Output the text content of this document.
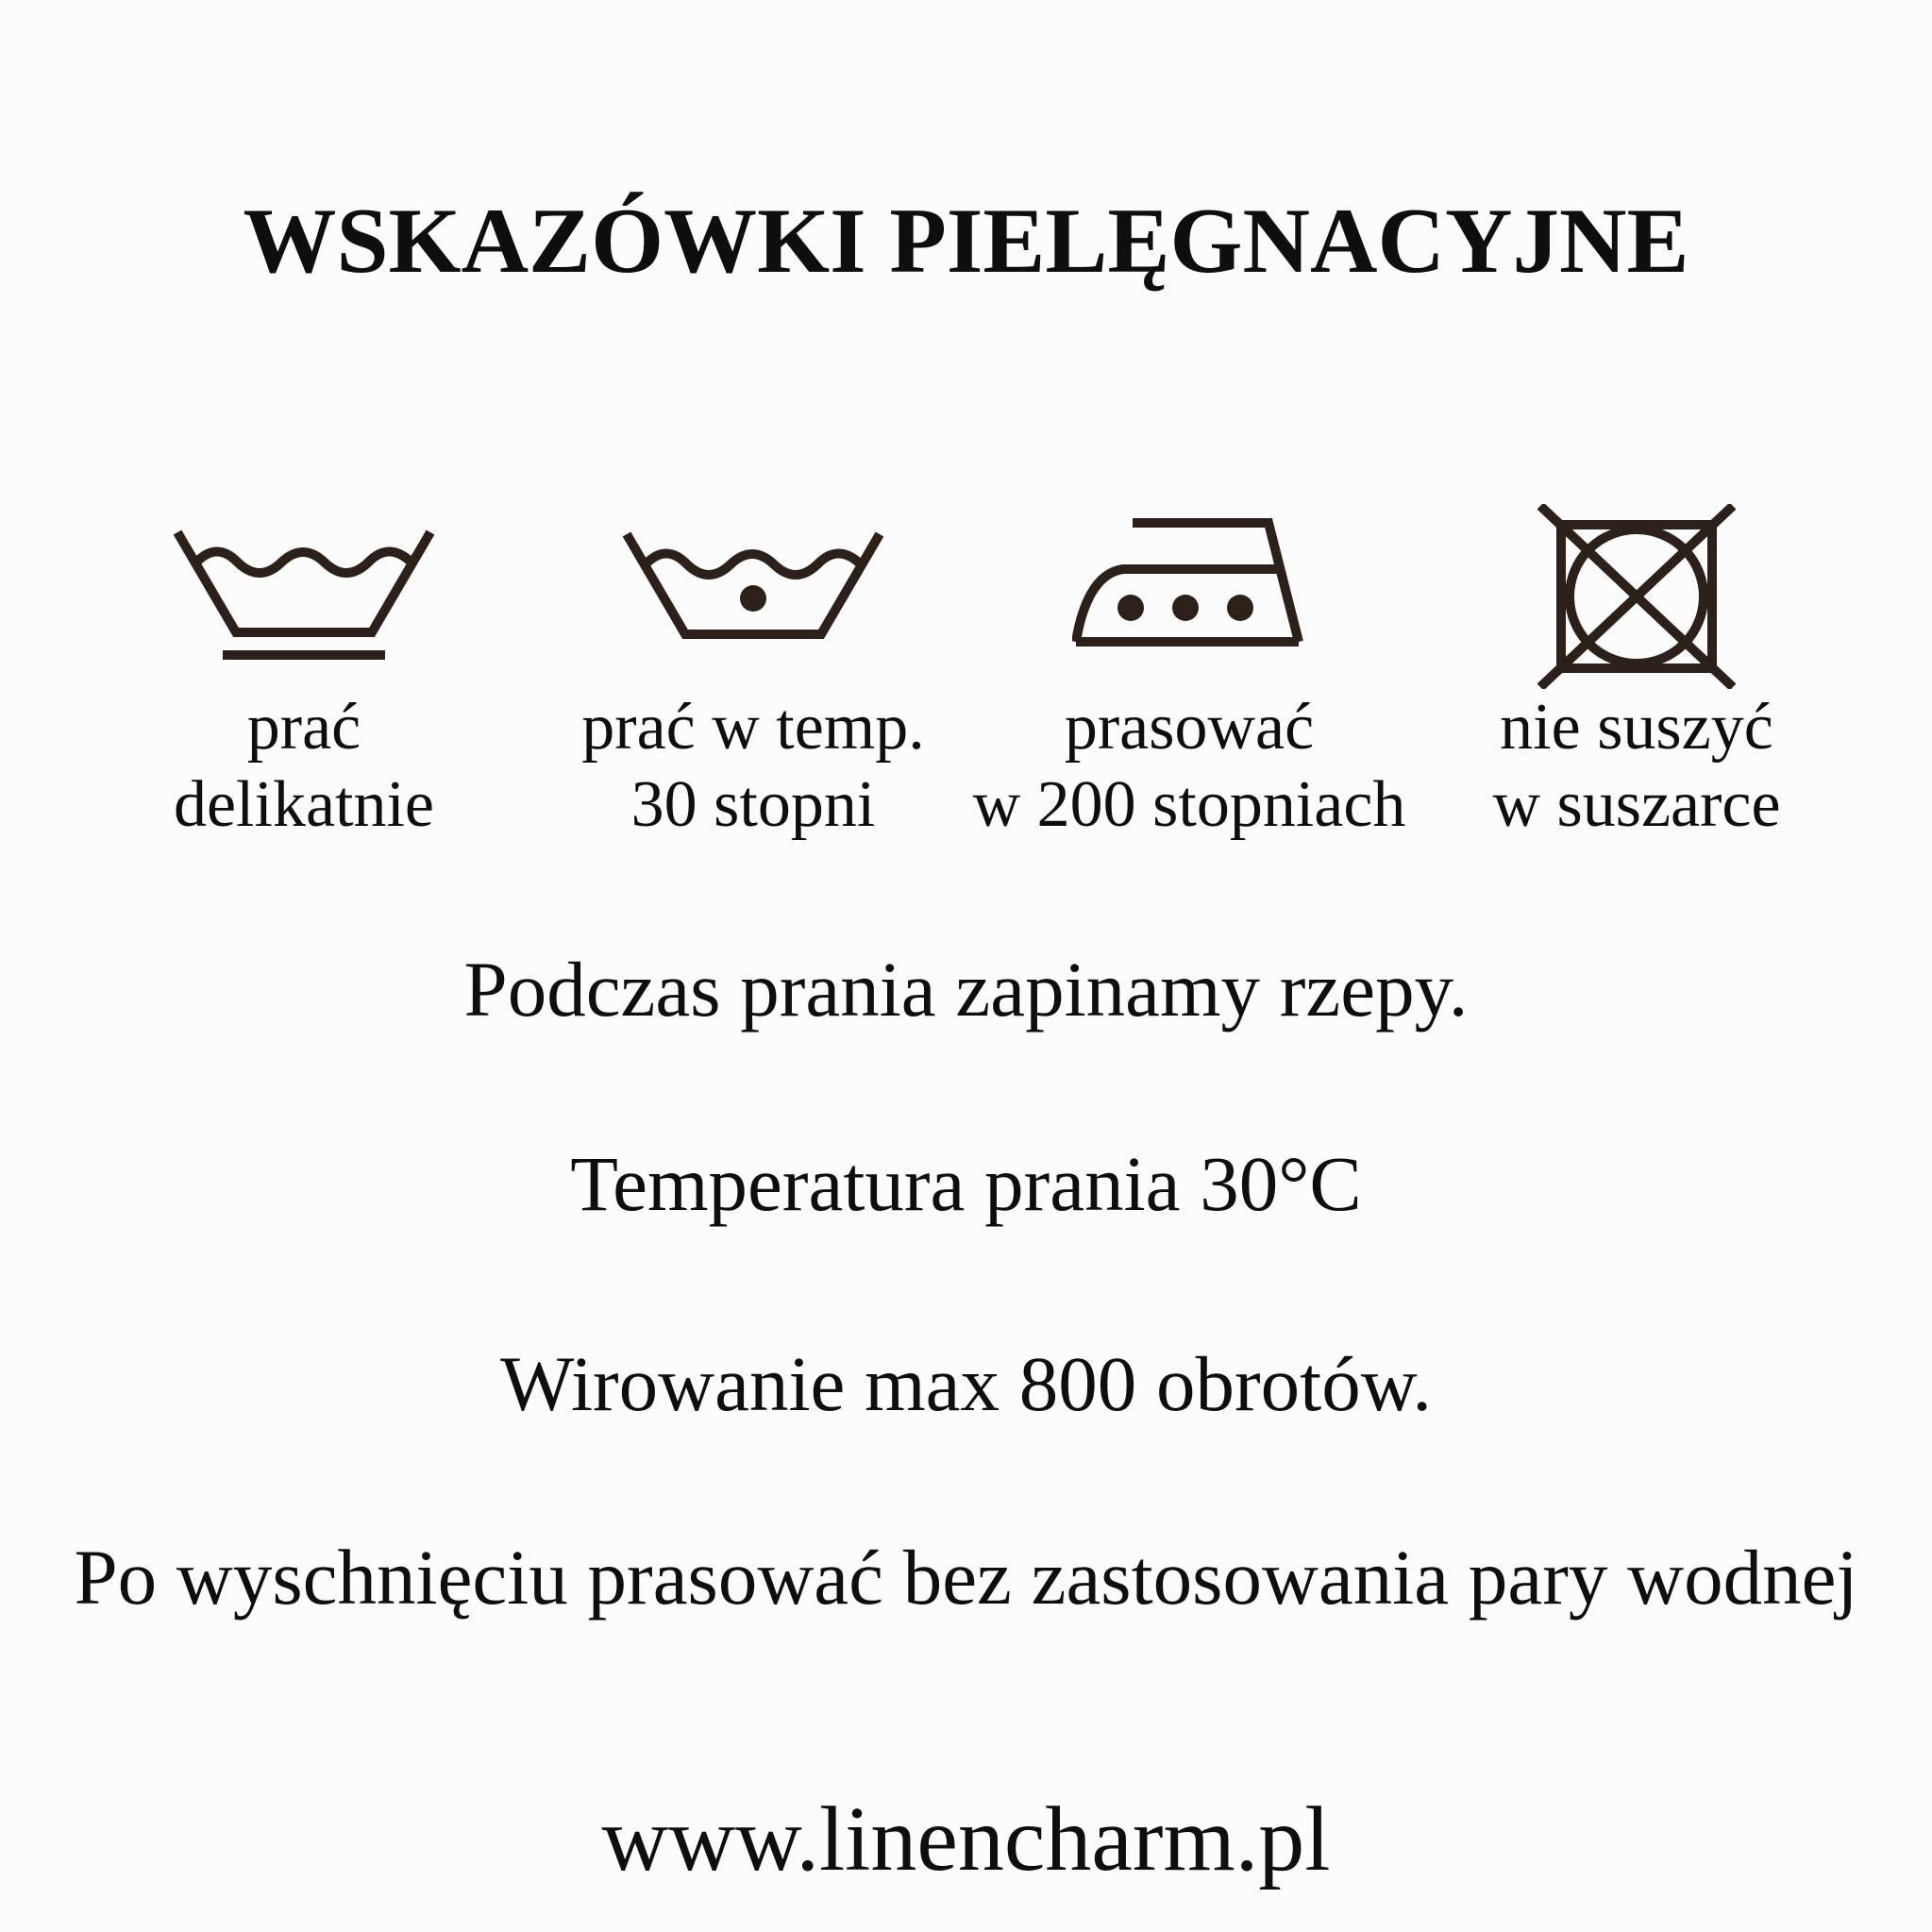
WSKAZÓWKI PIELĘGNACYJNE
prać
delikatnie
prać w temp.
30 stopni
prasować
w 200 stopniach
nie suszyć
w suszarce

Podczas prania zapinamy rzepy.

Temperatura prania 30°C

Wirowanie max 800 obrotów.

Po wyschnięciu prasować bez zastosowania pary wodnej

www.linencharm.pl
